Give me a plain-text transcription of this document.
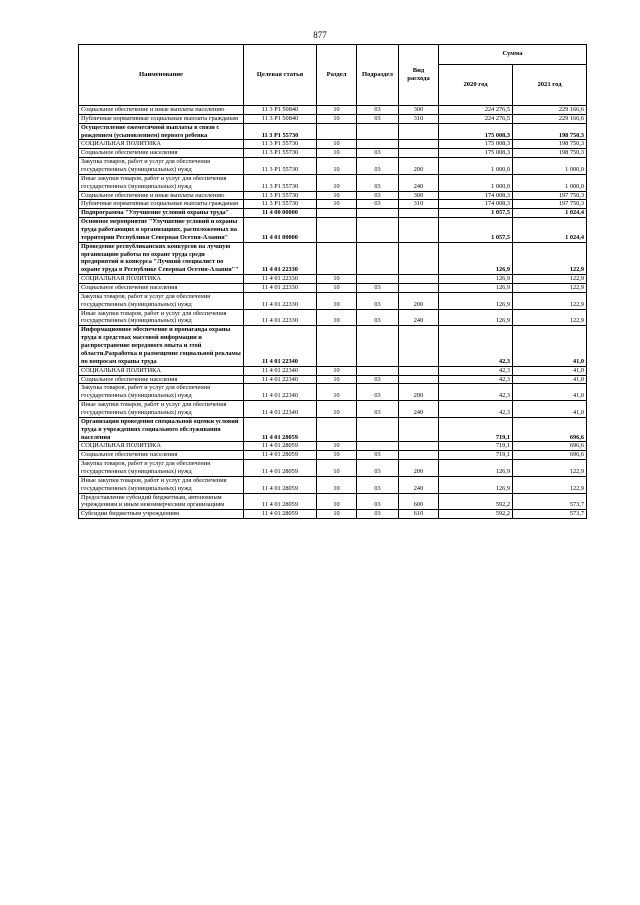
877
Наименование	Целевая статья	Раздел	Подраздел	Вид расхода	Сумма	
					2020 год	2021 год
Социальное обеспечение и иные выплаты населению	11 3 P1 50840	10	03	300	224 276,5	229 166,6
Публичные нормативные социальные выплаты гражданам	11 3 P1 50840	10	03	310	224 276,5	229 166,6
Осуществление ежемесячной выплаты в связи с рождением (усыновлением) первого ребенка	11 3 P1 55730				175 008,3	198 750,3
СОЦИАЛЬНАЯ ПОЛИТИКА	11 3 P1 55730	10			175 008,3	198 750,3
Социальное обеспечение населения	11 3 P1 55730	10	03		175 008,3	198 750,3
Закупка товаров, работ и услуг для обеспечения государственных (муниципальных) нужд	11 3 P1 55730	10	03	200	1 000,0	1 000,0
Иные закупки товаров, работ и услуг для обеспечения государственных (муниципальных) нужд	11 3 P1 55730	10	03	240	1 000,0	1 000,0
Социальное обеспечение и иные выплаты населению	11 3 P1 55730	10	03	300	174 008,3	197 750,3
Публичные нормативные социальные выплаты гражданам	11 3 P1 55730	10	03	310	174 008,3	197 750,3
Подпрограмма "Улучшение условий охраны труда"	11 4 00 00000				1 057,5	1 024,4
Основное мероприятие "Улучшение условий и охраны труда работающих в организациях, расположенных на территории Республики Северная Осетия-Алания"	11 4 01 00000				1 057,5	1 024,4
Проведение республиканских конкурсов на лучшую организацию работы по охране труда среди предприятий и конкурса "Лучший специалист по охране труда в Республике Северная Осетия-Алания""	11 4 01 22330				126,9	122,9
СОЦИАЛЬНАЯ ПОЛИТИКА	11 4 01 22330	10			126,9	122,9
Социальное обеспечение населения	11 4 01 22330	10	03		126,9	122,9
Закупка товаров, работ и услуг для обеспечения государственных (муниципальных) нужд	11 4 01 22330	10	03	200	126,9	122,9
Иные закупки товаров, работ и услуг для обеспечения государственных (муниципальных) нужд	11 4 01 22330	10	03	240	126,9	122,9
Информационное обеспечение и пропаганда охраны труда в средствах массовой информации и распространение передового опыта и этой области.Разработка и размещение социальной рекламы по вопросам охраны труда	11 4 01 22340				42,3	41,0
СОЦИАЛЬНАЯ ПОЛИТИКА	11 4 01 22340	10			42,3	41,0
Социальное обеспечение населения	11 4 01 22340	10	03		42,3	41,0
Закупка товаров, работ и услуг для обеспечения государственных (муниципальных) нужд	11 4 01 22340	10	03	200	42,3	41,0
Иные закупки товаров, работ и услуг для обеспечения государственных (муниципальных) нужд	11 4 01 22340	10	03	240	42,3	41,0
Организация проведения специальной оценки условий труда в учреждениях социального обслуживания населения	11 4 01 28059				719,1	696,6
СОЦИАЛЬНАЯ ПОЛИТИКА	11 4 01 28059	10			719,1	696,6
Социальное обеспечение населения	11 4 01 28059	10	03		719,1	696,6
Закупка товаров, работ и услуг для обеспечения государственных (муниципальных) нужд	11 4 01 28059	10	03	200	126,9	122,9
Иные закупки товаров, работ и услуг для обеспечения государственных (муниципальных) нужд	11 4 01 28059	10	03	240	126,9	122,9
Предоставление субсидий бюджетным, автономным учреждениям и иным некоммерческим организациям	11 4 01 28059	10	03	600	592,2	573,7
Субсидии бюджетным учреждениям	11 4 01 28059	10	03	610	592,2	573,7
